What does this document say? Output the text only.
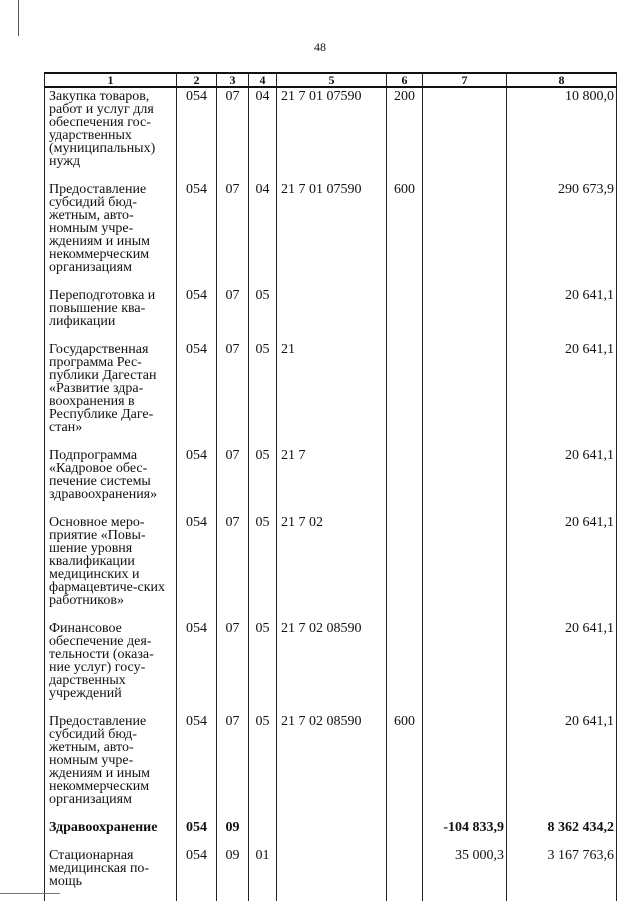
48
1	2	3	4	5	6	7	8
Закупка товаров, работ и услуг для обеспечения гос-ударственных (муниципальных) нужд	054	07	04	21 7 01 07590	200		10 800,0
Предоставление субсидий бюд-жетным, авто-номным учре-ждениям и иным некоммерческим организациям	054	07	04	21 7 01 07590	600		290 673,9
Переподготовка и повышение ква-лификации	054	07	05				20 641,1
Государственная программа Рес-публики Дагестан «Развитие здра-воохранения в Республике Даге-стан»	054	07	05	21			20 641,1
Подпрограмма «Кадровое обес-печение системы здравоохранения»	054	07	05	21 7			20 641,1
Основное меро-приятие «Повы-шение уровня квалификации медицинских и фармацевтиче-ских работников»	054	07	05	21 7 02			20 641,1
Финансовое обеспечение дея-тельности (оказа-ние услуг) госу-дарственных учреждений	054	07	05	21 7 02 08590			20 641,1
Предоставление субсидий бюд-жетным, авто-номным учре-ждениям и иным некоммерческим организациям	054	07	05	21 7 02 08590	600		20 641,1
Здравоохранение	054	09				-104 833,9	8 362 434,2
Стационарная медицинская по-мощь	054	09	01			35 000,3	3 167 763,6
